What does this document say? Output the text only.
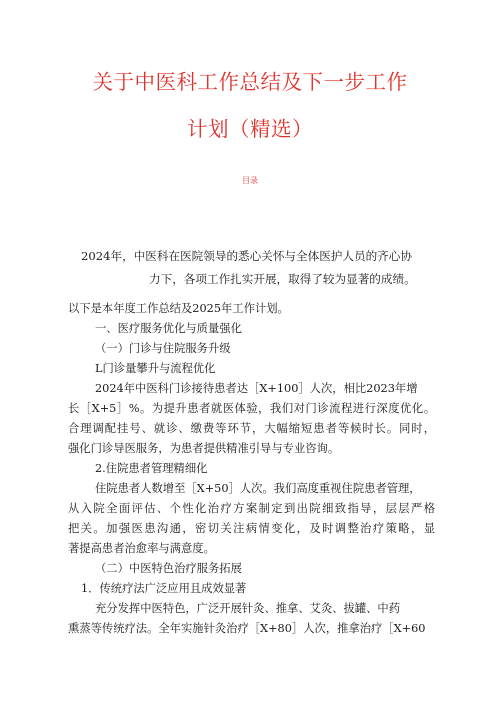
关于中医科工作总结及下一步工作
计划（精选）
目录
2024年，中医科在医院领导的悉心关怀与全体医护人员的齐心协
力下，各项工作扎实开展，取得了较为显著的成绩。
以下是本年度工作总结及2025年工作计划。
一、医疗服务优化与质量强化
（一）门诊与住院服务升级
L门诊量攀升与流程优化
2024年中医科门诊接待患者达［X+100］人次，相比2023年增
长［X+5］%。为提升患者就医体验，我们对门诊流程进行深度优化。
合理调配挂号、就诊、缴费等环节，大幅缩短患者等候时长。同时，
强化门诊导医服务，为患者提供精准引导与专业咨询。
2.住院患者管理精细化
住院患者人数增至［X+50］人次。我们高度重视住院患者管理，
从入院全面评估、个性化治疗方案制定到出院细致指导，层层严格
把关。加强医患沟通，密切关注病情变化，及时调整治疗策略，显
著提高患者治愈率与满意度。
（二）中医特色治疗服务拓展
1．传统疗法广泛应用且成效显著
充分发挥中医特色，广泛开展针灸、推拿、艾灸、拔罐、中药
熏蒸等传统疗法。全年实施针灸治疗［X+80］人次，推拿治疗［X+60
